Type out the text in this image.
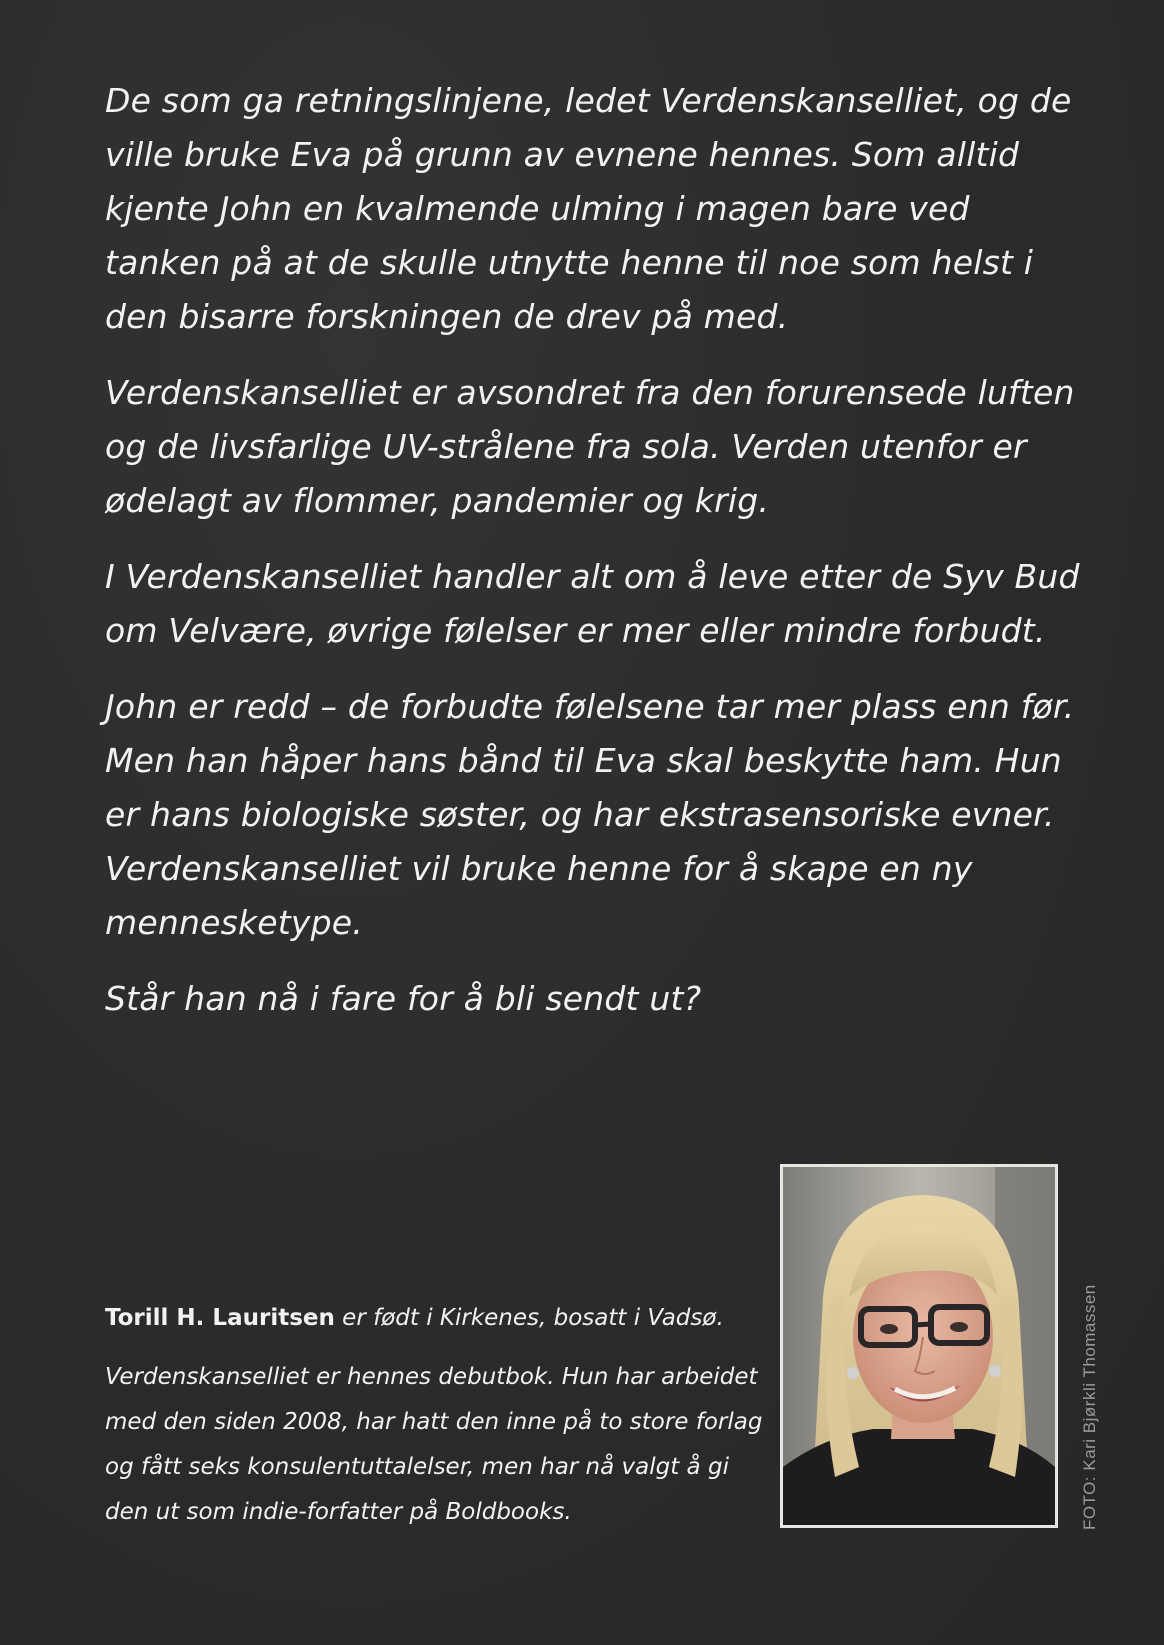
De som ga retningslinjene, ledet Verdenskanselliet, og de ville bruke Eva på grunn av evnene hennes. Som alltid kjente John en kvalmende ulming i magen bare ved tanken på at de skulle utnytte henne til noe som helst i den bisarre forskningen de drev på med.

Verdenskanselliet er avsondret fra den forurensede luften og de livsfarlige UV-strålene fra sola. Verden utenfor er ødelagt av flommer, pandemier og krig.

I Verdenskanselliet handler alt om å leve etter de Syv Bud om Velvære, øvrige følelser er mer eller mindre forbudt.

John er redd – de forbudte følelsene tar mer plass enn før. Men han håper hans bånd til Eva skal beskytte ham. Hun er hans biologiske søster, og har ekstrasensoriske evner. Verdenskanselliet vil bruke henne for å skape en ny mennesketype.

Står han nå i fare for å bli sendt ut?

Torill H. Lauritsen er født i Kirkenes, bosatt i Vadsø.

Verdenskanselliet er hennes debutbok. Hun har arbeidet med den siden 2008, har hatt den inne på to store forlag og fått seks konsulentuttalelser, men har nå valgt å gi den ut som indie-forfatter på Boldbooks.	FOTO: Kari Bjørkli Thomassen
